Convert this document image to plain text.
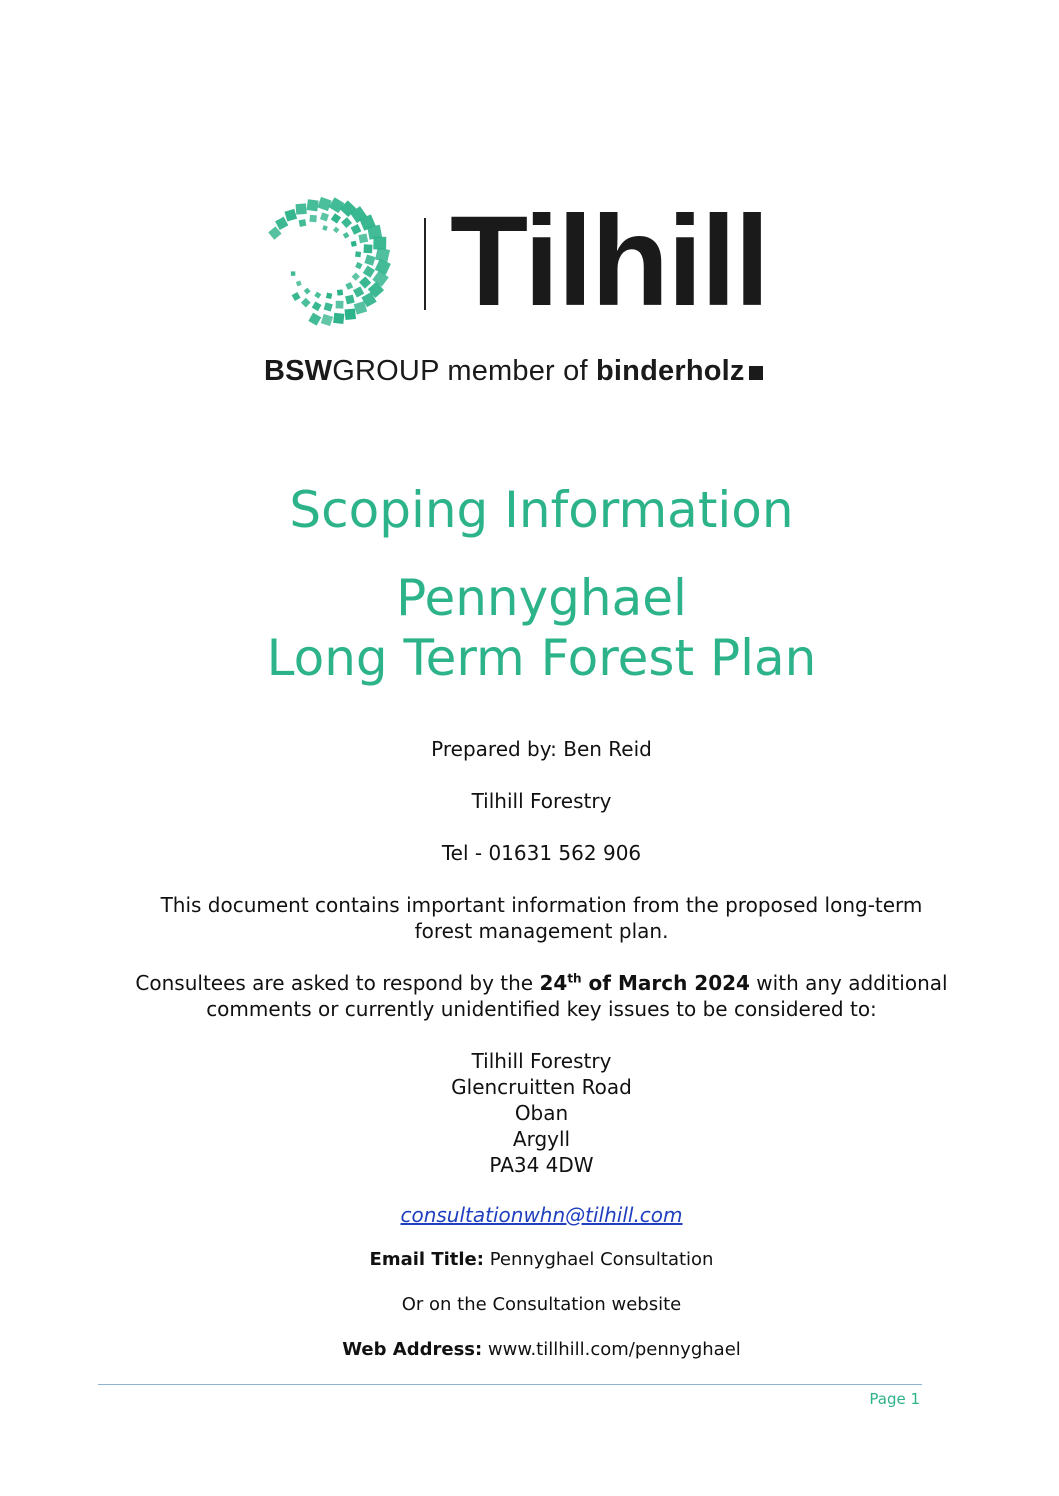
Tilhill
BSWGROUP member of binderholz
Scoping Information
Pennyghael
Long Term Forest Plan
Prepared by: Ben Reid
Tilhill Forestry
Tel - 01631 562 906
This document contains important information from the proposed long-term
forest management plan.
Consultees are asked to respond by the 24th of March 2024 with any additional
comments or currently unidentified key issues to be considered to:
Tilhill Forestry
Glencruitten Road
Oban
Argyll
PA34 4DW
consultationwhn@tilhill.com
Email Title: Pennyghael Consultation
Or on the Consultation website
Web Address: www.tillhill.com/pennyghael
Page 1
